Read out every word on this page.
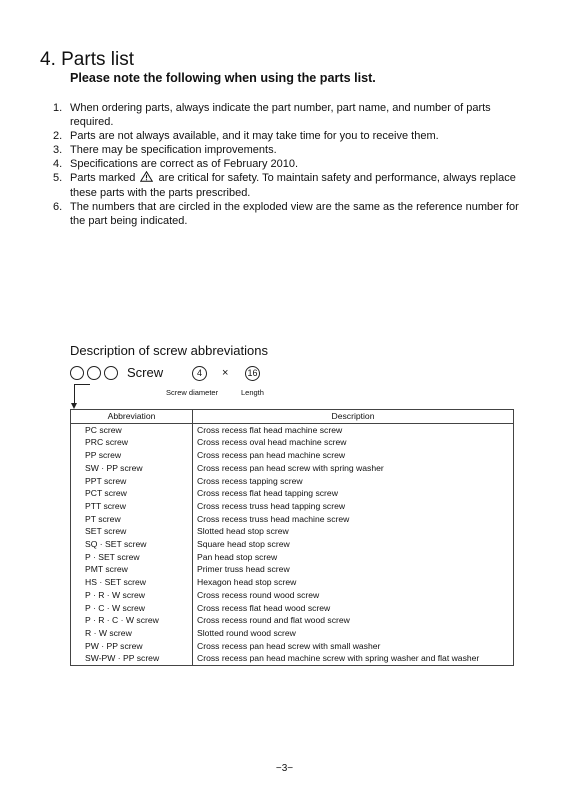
4. Parts list
Please note the following when using the parts list.
1. When ordering parts, always indicate the part number, part name, and number of parts required.
2. Parts are not always available, and it may take time for you to receive them.
3. There may be specification improvements.
4. Specifications are correct as of February 2010.
5. Parts marked are critical for safety. To maintain safety and performance, always replace these parts with the parts prescribed.
6. The numbers that are circled in the exploded view are the same as the reference number for the part being indicated.
Description of screw abbreviations
Screw	4	× 16
Screw diameter	Length
Abbreviation	Description
PC screw	Cross recess flat head machine screw
PRC screw	Cross recess oval head machine screw
PP screw	Cross recess pan head machine screw
SW · PP screw	Cross recess pan head screw with spring washer
PPT screw	Cross recess tapping screw
PCT screw	Cross recess flat head tapping screw
PTT screw	Cross recess truss head tapping screw
PT screw	Cross recess truss head machine screw
SET screw	Slotted head stop screw
SQ · SET screw	Square head stop screw
P · SET screw	Pan head stop screw
PMT screw	Primer truss head screw
HS · SET screw	Hexagon head stop screw
P · R · W screw	Cross recess round wood screw
P · C · W screw	Cross recess flat head wood screw
P · R · C · W screw	Cross recess round and flat wood screw
R · W screw	Slotted round wood screw
PW · PP screw	Cross recess pan head screw with small washer
SW-PW · PP screw	Cross recess pan head machine screw with spring washer and flat washer
−3−
